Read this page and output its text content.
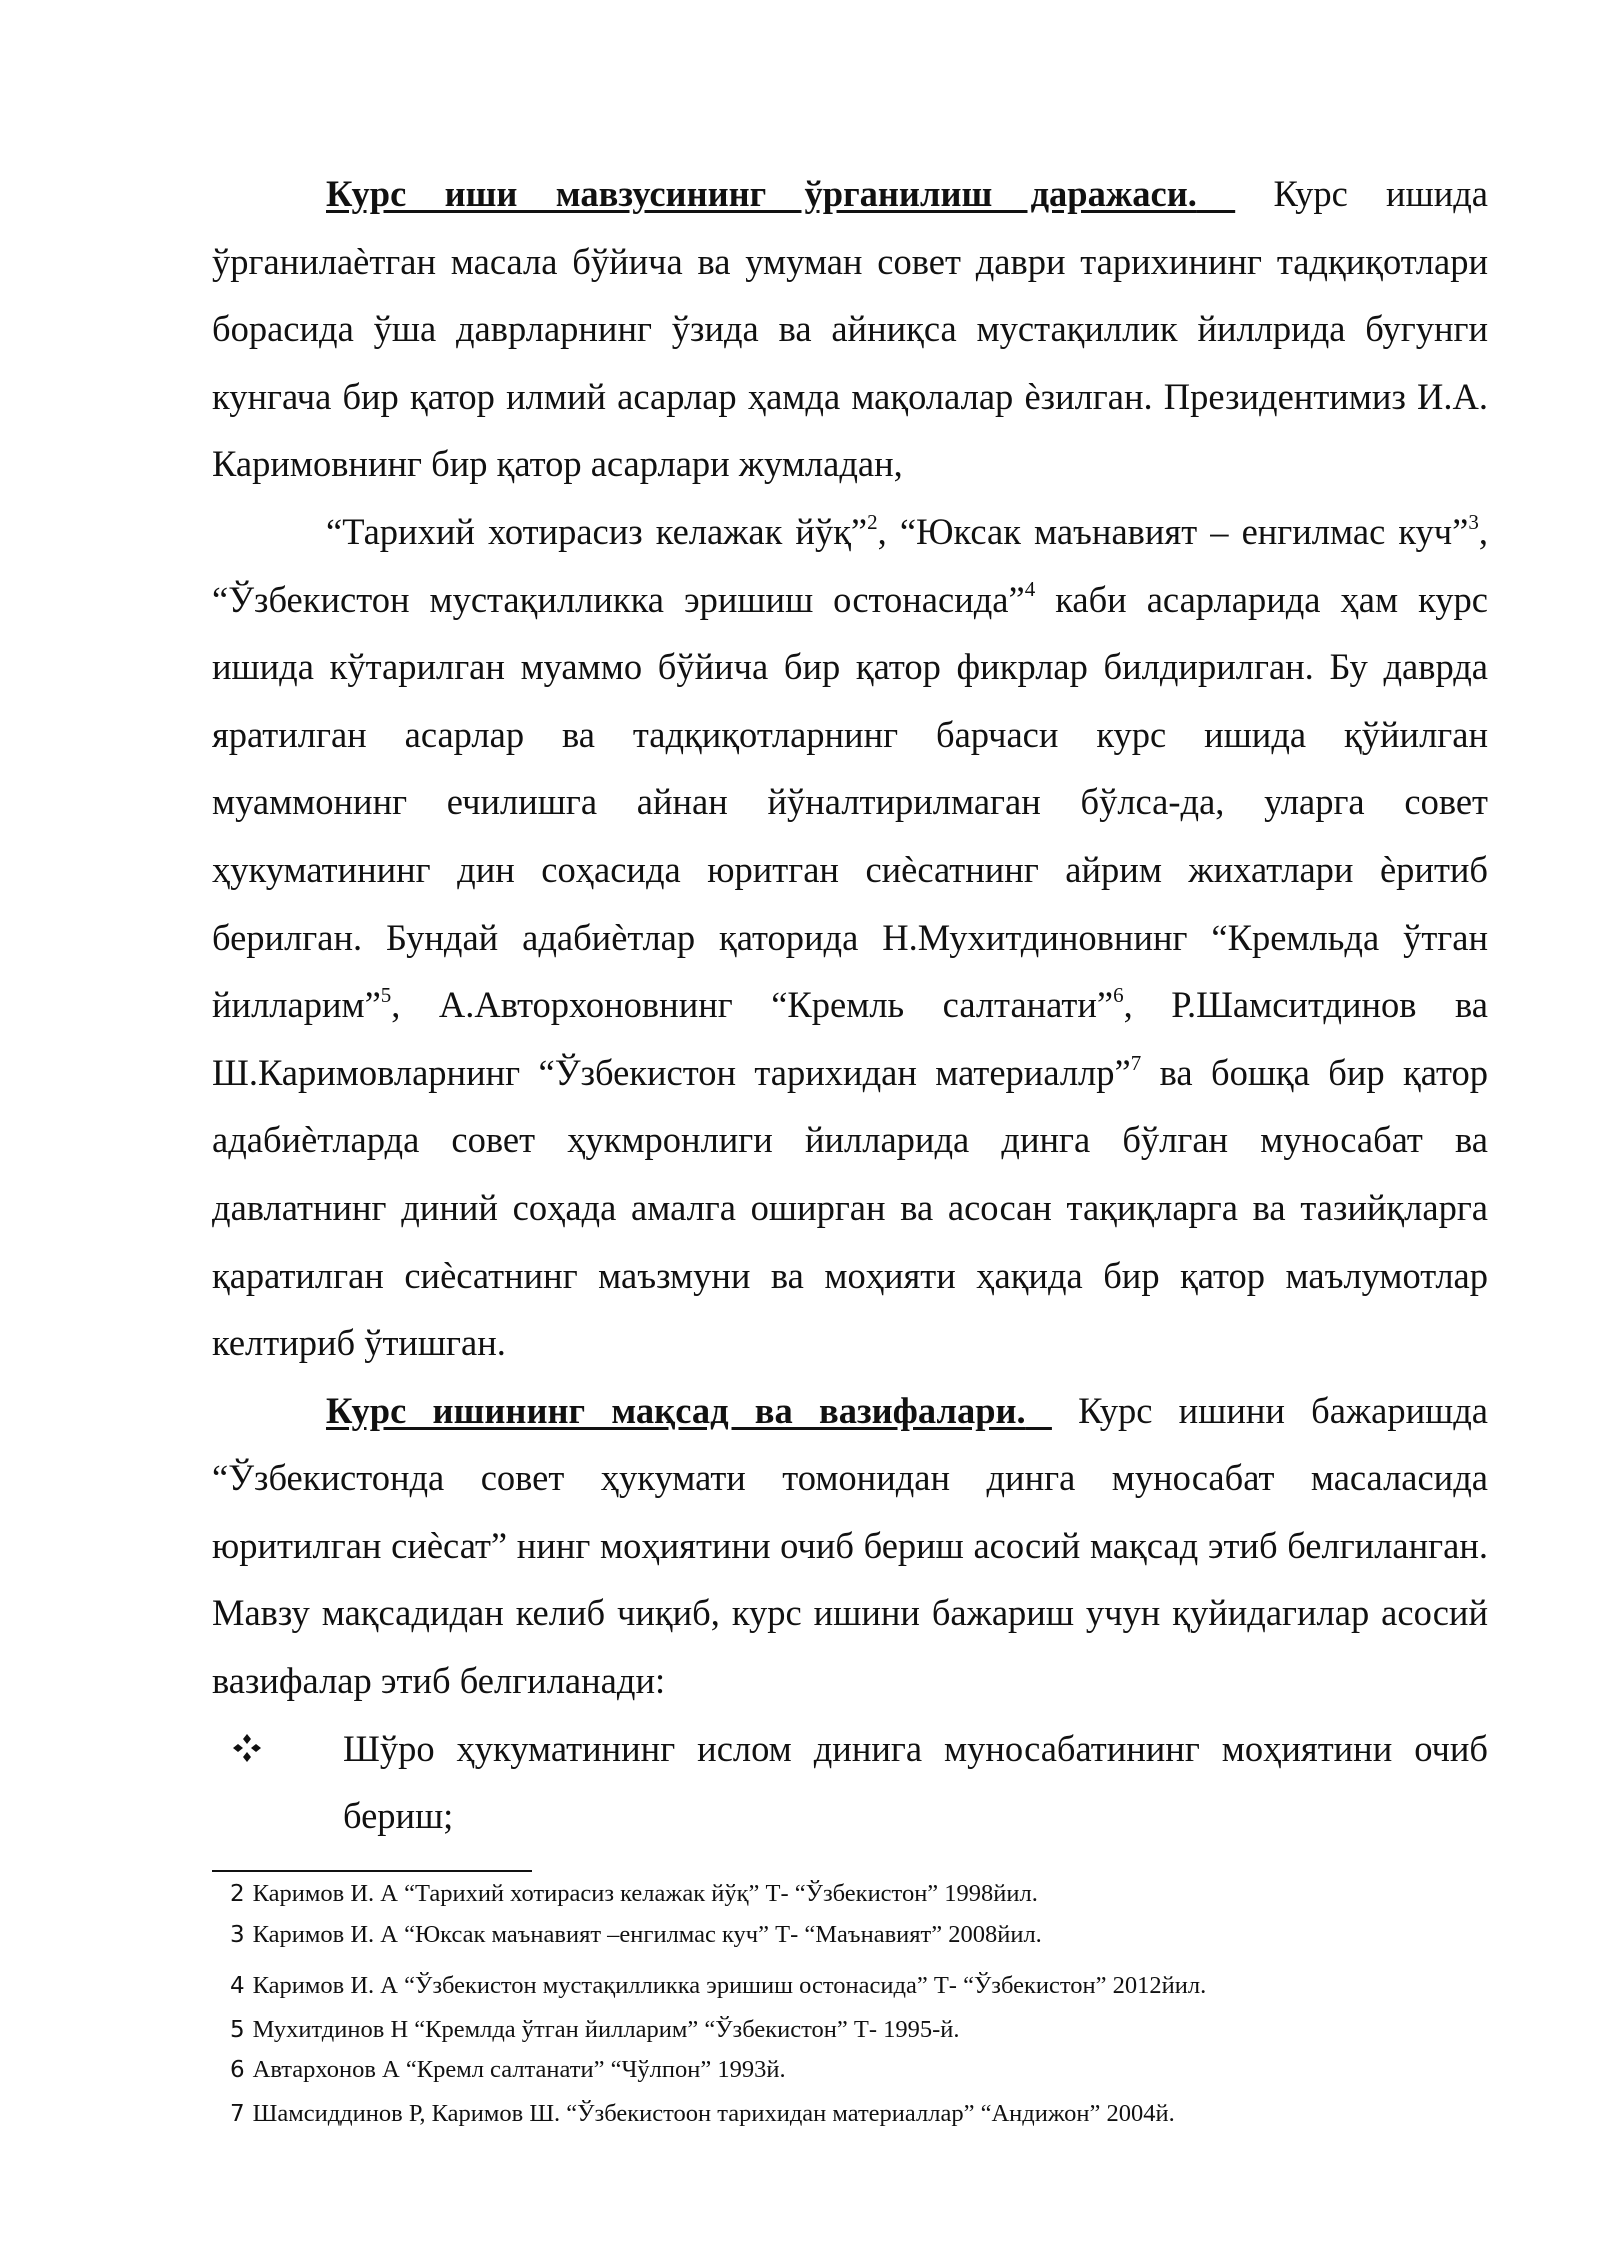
Курс иши мавзусининг ўрганилиш даражаси. Курс ишида ўрганилаѐтган масала бўйича ва умуман совет даври тарихининг тадқиқотлари борасида ўша даврларнинг ўзида ва айниқса мустақиллик йиллрида бугунги кунгача бир қатор илмий асарлар ҳамда мақолалар ѐзилган. Президентимиз И.А. Каримовнинг бир қатор асарлари жумладан,

“Тарихий хотирасиз келажак йўқ”$^2$, “Юксак маънавият – енгилмас куч”$^3$, “Ўзбекистон мустақилликка эришиш остонасида”$^4$ каби асарларида ҳам курс ишида кўтарилган муаммо бўйича бир қатор фикрлар билдирилган. Бу даврда яратилган асарлар ва тадқиқотларнинг барчаси курс ишида қўйилган муаммонинг ечилишга айнан йўналтирилмаган бўлса-да, уларга совет ҳукуматининг дин соҳасида юритган сиѐсатнинг айрим жихатлари ѐритиб берилган. Бундай адабиѐтлар қаторида Н.Мухитдиновнинг “Кремльда ўтган йилларим”$^5$, А.Авторхоновнинг “Кремль салтанати”$^6$, Р.Шамситдинов ва Ш.Каримовларнинг “Ўзбекистон тарихидан материаллр”$^7$ ва бошқа бир қатор адабиѐтларда совет ҳукмронлиги йилларида динга бўлган муносабат ва давлатнинг диний соҳада амалга оширган ва асосан тақиқларга ва тазийқларга қаратилган сиѐсатнинг маъзмуни ва моҳияти ҳақида бир қатор маълумотлар келтириб ўтишган.

Курс ишининг мақсад ва вазифалари. Курс ишини бажаришда “Ўзбекистонда совет ҳукумати томонидан динга муносабат масаласида юритилган сиѐсат” нинг моҳиятини очиб бериш асосий мақсад этиб белгиланган. Мавзу мақсадидан келиб чиқиб, курс ишини бажариш учун қуйидагилар асосий вазифалар этиб белгиланади:

Шўро ҳукуматининг ислом динига муносабатининг моҳиятини очиб бериш;

2 Каримов И. А “Тарихий хотирасиз келажак йўқ” Т- “Ўзбекистон” 1998йил.
3 Каримов И. А “Юксак маънавият –енгилмас куч” Т- “Маънавият” 2008йил.
4 Каримов И. А “Ўзбекистон мустақилликка эришиш остонасида” Т- “Ўзбекистон” 2012йил.
5 Мухитдинов Н “Кремлда ўтган йилларим” “Ўзбекистон” Т- 1995-й.
6 Автархонов А “Кремл салтанати” “Чўлпон” 1993й.
7 Шамсиддинов Р, Каримов Ш. “Ўзбекистоон тарихидан материаллар” “Андижон” 2004й.
